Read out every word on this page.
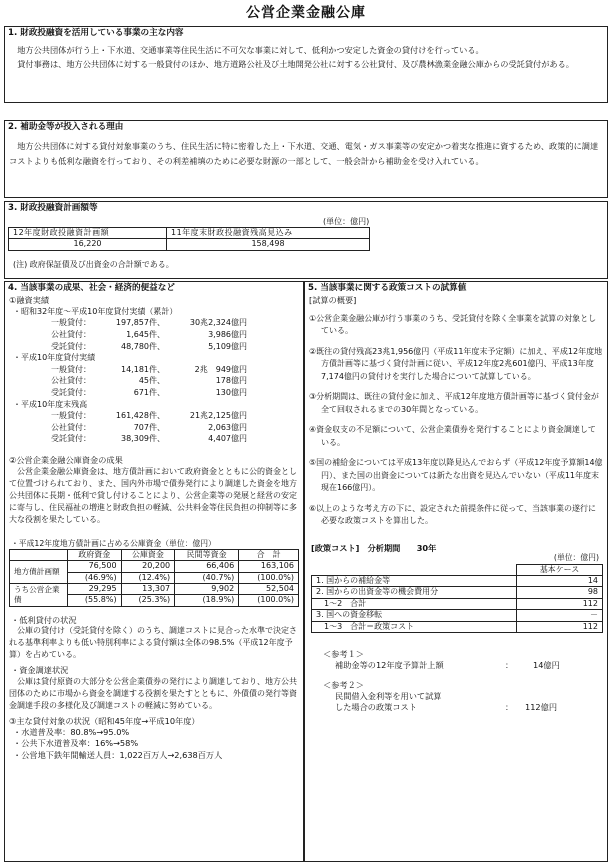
公営企業金融公庫
1. 財政投融資を活用している事業の主な内容
地方公共団体が行う上・下水道、交通事業等住民生活に不可欠な事業に対して、低利かつ安定した資金の貸付けを行っている。
貸付事務は、地方公共団体に対する一般貸付のほか、地方道路公社及び土地開発公社に対する公社貸付、及び農林漁業金融公庫からの受託貸付がある。
2. 補助金等が投入される理由
地方公共団体に対する貸付対象事業のうち、住民生活に特に密着した上・下水道、交通、電気・ガス事業等の安定かつ着実な推進に資するため、政策的に調達コストよりも低利な融資を行っており、その利差補填のために必要な財源の一部として、一般会計から補助金を受け入れている。
3. 財政投融資計画額等
(単位：億円)
12年度財政投融資計画額	11年度末財政投融資残高見込み
16,220	158,498
(注) 政府保証債及び出資金の合計額である。
4. 当該事業の成果、社会・経済的便益など
①融資実績
・昭和32年度～平成10年度貸付実績（累計）
一般貸付：	197,857件、	30兆2,324億円
公社貸付：	1,645件、	3,986億円
受託貸付：	48,780件、	5,109億円
・平成10年度貸付実績
一般貸付：	14,181件、	2兆　949億円
公社貸付：	45件、	178億円
受託貸付：	671件、	130億円
・平成10年度末残高
一般貸付：	161,428件、	21兆2,125億円
公社貸付：	707件、	2,063億円
受託貸付：	38,309件、	4,407億円
②公営企業金融公庫資金の成果
公営企業金融公庫資金は、地方債計画において政府資金とともに公的資金として位置づけられており、また、国内外市場で債券発行により調達した資金を地方公共団体に長期・低利で貸し付けることにより、公営企業等の発展と経営の安定に寄与し、住民福祉の増進と財政負担の軽減、公共料金等住民負担の抑制等に多大な役割を果たしている。
・平成12年度地方債計画に占める公庫資金（単位：億円）
	政府資金	公庫資金	民間等資金	合　計
地方債計画額	76,500	20,200	66,406	163,106
	(46.9%)	(12.4%)	(40.7%)	(100.0%)
うち公営企業債	29,295	13,307	9,902	52,504
	(55.8%)	(25.3%)	(18.9%)	(100.0%)
・低利貸付の状況
公庫の貸付け（受託貸付を除く）のうち、調達コストに見合った水準で決定される基準利率よりも低い特別利率による貸付額は全体の98.5%（平成12年度予算）を占めている。
・資金調達状況
公庫は貸付原資の大部分を公営企業債券の発行により調達しており、地方公共団体のために市場から資金を調達する役割を果たすとともに、外債債の発行等資金調達手段の多様化及び調達コストの軽減に努めている。
③主な貸付対象の状況（昭和45年度→平成10年度）
・水道普及率：80.8%→95.0%
・公共下水道普及率：16%→58%
・公営地下鉄年間輸送人員：1,022百万人→2,638百万人
5. 当該事業に関する政策コストの試算値
[試算の概要]
①公営企業金融公庫が行う事業のうち、受託貸付を除く全事業を試算の対象としている。
②既往の貸付残高23兆1,956億円（平成11年度末予定額）に加え、平成12年度地方債計画等に基づく貸付計画に従い、平成12年度2兆601億円、平成13年度7,174億円の貸付けを実行した場合について試算している。
③分析期間は、既往の貸付金に加え、平成12年度地方債計画等に基づく貸付金が全て回収されるまでの30年間となっている。
④資金収支の不足額について、公営企業債券を発行することにより資金調達している。
⑤国の補給金については平成13年度以降見込んでおらず（平成12年度予算額14億円）、また国の出資金については新たな出資を見込んでいない（平成11年度末現在166億円）。
⑥以上のような考え方の下に、設定された前提条件に従って、当該事業の遂行に必要な政策コストを算出した。
[政策コスト]　分析期間　　30年
(単位：億円)
	基本ケース
1. 国からの補給金等	14
2. 国からの出資金等の機会費用分	98
　1～2　合計	112
3. 国への資金移転	－
　1～3　合計＝政策コスト	112
＜参考１＞
補助金等の12年度予算計上額	：	14億円
＜参考２＞
民間借入金利等を用いて試算
した場合の政策コスト	：	112億円
